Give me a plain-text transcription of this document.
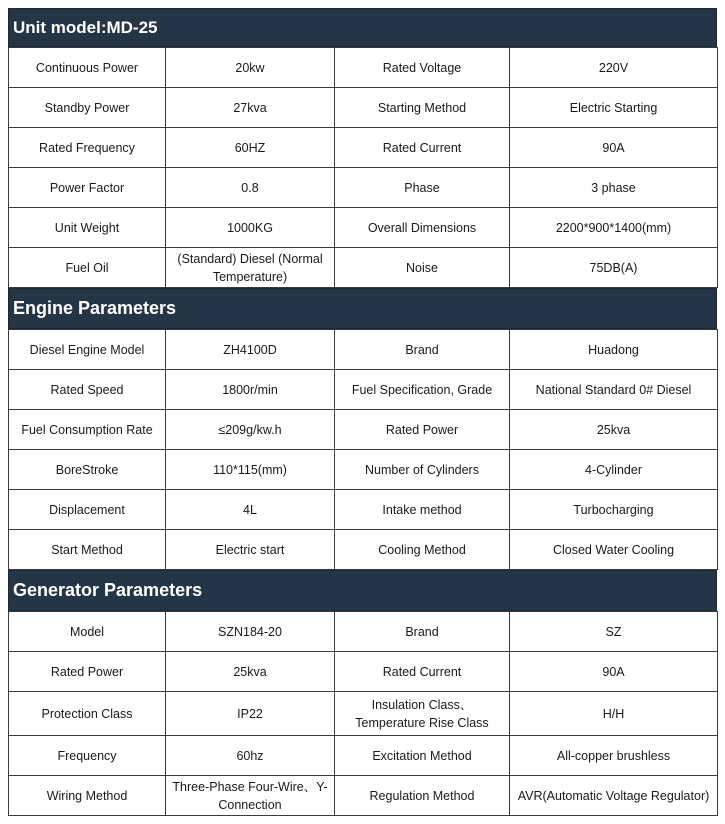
Unit model:MD-25
Continuous Power	20kw	Rated Voltage	220V
Standby Power	27kva	Starting Method	Electric Starting
Rated Frequency	60HZ	Rated Current	90A
Power Factor	0.8	Phase	3 phase
Unit Weight	1000KG	Overall Dimensions	2200*900*1400(mm)
Fuel Oil	(Standard) Diesel (Normal Temperature)	Noise	75DB(A)
Engine Parameters
Diesel Engine Model	ZH4100D	Brand	Huadong
Rated Speed	1800r/min	Fuel Specification, Grade	National Standard 0# Diesel
Fuel Consumption Rate	≤209g/kw.h	Rated Power	25kva
BoreStroke	110*115(mm)	Number of Cylinders	4-Cylinder
Displacement	4L	Intake method	Turbocharging
Start Method	Electric start	Cooling Method	Closed Water Cooling
Generator Parameters
Model	SZN184-20	Brand	SZ
Rated Power	25kva	Rated Current	90A
Protection Class	IP22	Insulation Class、Temperature Rise Class	H/H
Frequency	60hz	Excitation Method	All-copper brushless
Wiring Method	Three-Phase Four-Wire、Y-Connection	Regulation Method	AVR(Automatic Voltage Regulator)
